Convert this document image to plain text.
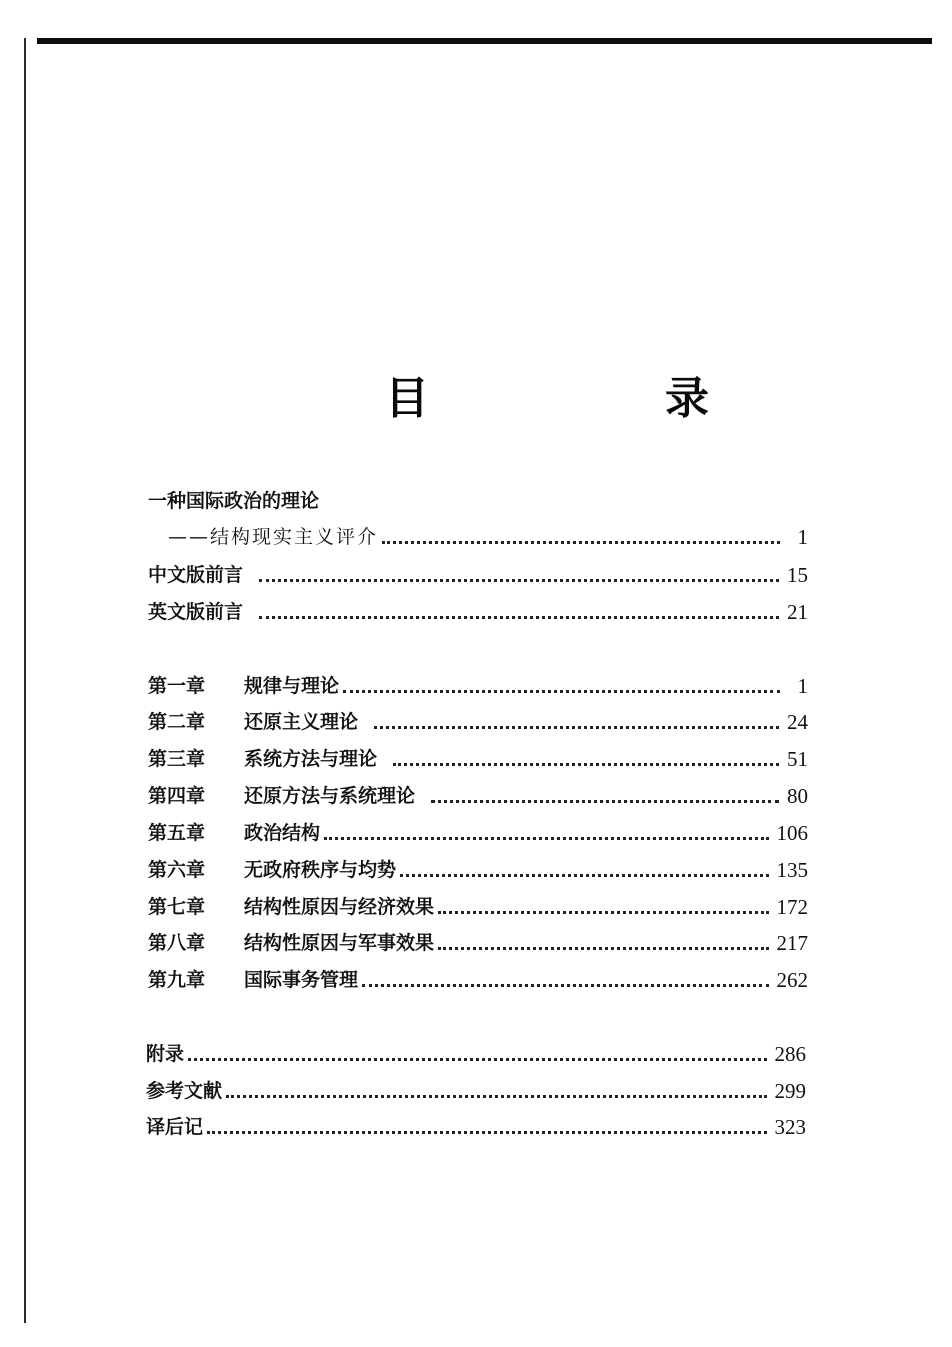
目　录
一种国际政治的理论
——结构现实主义评介	1
中文版前言	15
英文版前言	21
第一章	规律与理论	1
第二章	还原主义理论	24
第三章	系统方法与理论	51
第四章	还原方法与系统理论	80
第五章	政治结构	106
第六章	无政府秩序与均势	135
第七章	结构性原因与经济效果	172
第八章	结构性原因与军事效果	217
第九章	国际事务管理	262
附录	286
参考文献	299
译后记	323
